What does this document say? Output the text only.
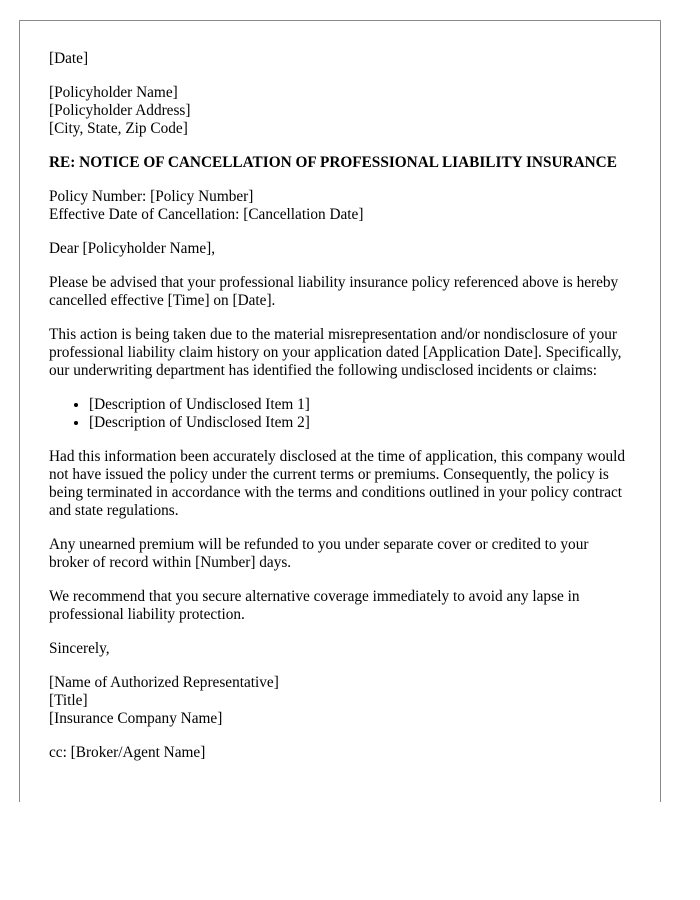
[Date]

[Policyholder Name]
[Policyholder Address]
[City, State, Zip Code]

RE: NOTICE OF CANCELLATION OF PROFESSIONAL LIABILITY INSURANCE

Policy Number: [Policy Number]
Effective Date of Cancellation: [Cancellation Date]

Dear [Policyholder Name],

Please be advised that your professional liability insurance policy referenced above is hereby cancelled effective [Time] on [Date].

This action is being taken due to the material misrepresentation and/or nondisclosure of your professional liability claim history on your application dated [Application Date]. Specifically, our underwriting department has identified the following undisclosed incidents or claims:

• [Description of Undisclosed Item 1]
• [Description of Undisclosed Item 2]

Had this information been accurately disclosed at the time of application, this company would not have issued the policy under the current terms or premiums. Consequently, the policy is being terminated in accordance with the terms and conditions outlined in your policy contract and state regulations.

Any unearned premium will be refunded to you under separate cover or credited to your broker of record within [Number] days.

We recommend that you secure alternative coverage immediately to avoid any lapse in professional liability protection.

Sincerely,

[Name of Authorized Representative]
[Title]
[Insurance Company Name]

cc: [Broker/Agent Name]
